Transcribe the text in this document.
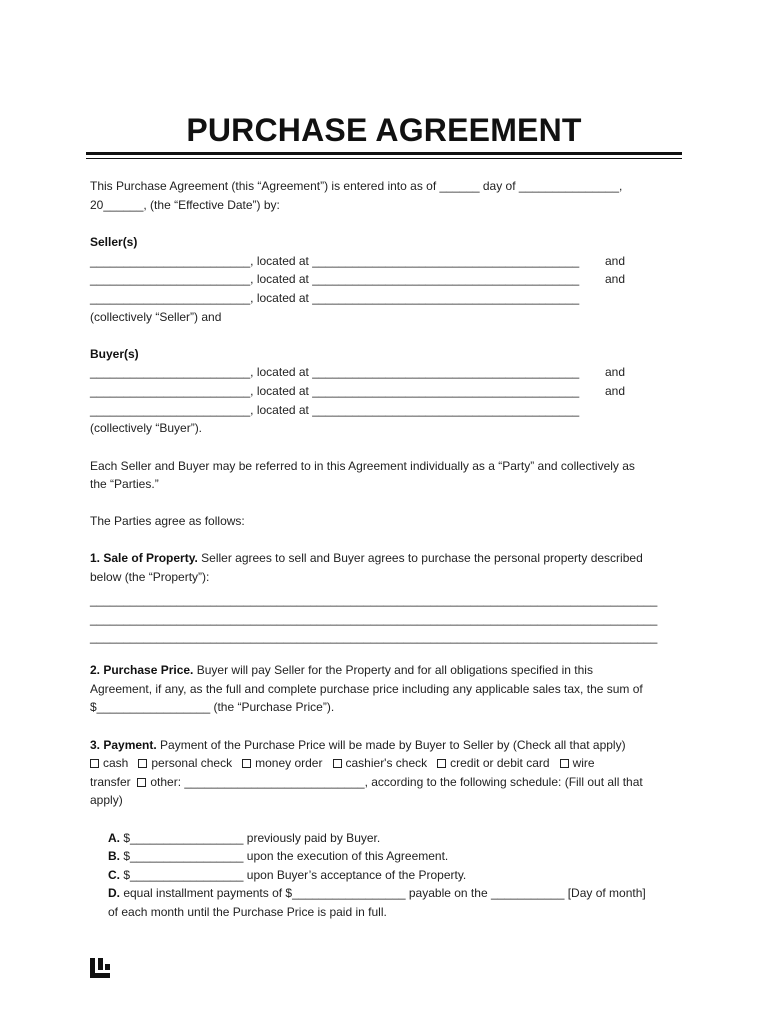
PURCHASE AGREEMENT
This Purchase Agreement (this “Agreement”) is entered into as of ______ day of _______________,
20______, (the “Effective Date”) by:
Seller(s)
________________________, located at ________________________________________	and
________________________, located at ________________________________________	and
________________________, located at ________________________________________
(collectively “Seller”) and
Buyer(s)
________________________, located at ________________________________________	and
________________________, located at ________________________________________	and
________________________, located at ________________________________________
(collectively “Buyer”).
Each Seller and Buyer may be referred to in this Agreement individually as a “Party” and collectively as
the “Parties.”
The Parties agree as follows:
1. Sale of Property. Seller agrees to sell and Buyer agrees to purchase the personal property described
below (the “Property”):
_____________________________________________________________________________________
_____________________________________________________________________________________
_____________________________________________________________________________________
2. Purchase Price. Buyer will pay Seller for the Property and for all obligations specified in this
Agreement, if any, as the full and complete purchase price including any applicable sales tax, the sum of
$_________________ (the “Purchase Price”).
3. Payment. Payment of the Purchase Price will be made by Buyer to Seller by (Check all that apply)
cash personal check money order cashier's check credit or debit card wire
transfer other: ___________________________, according to the following schedule: (Fill out all that
apply)
A. $_________________ previously paid by Buyer.
B. $_________________ upon the execution of this Agreement.
C. $_________________ upon Buyer’s acceptance of the Property.
D. equal installment payments of $_________________ payable on the ___________ [Day of month]
of each month until the Purchase Price is paid in full.
